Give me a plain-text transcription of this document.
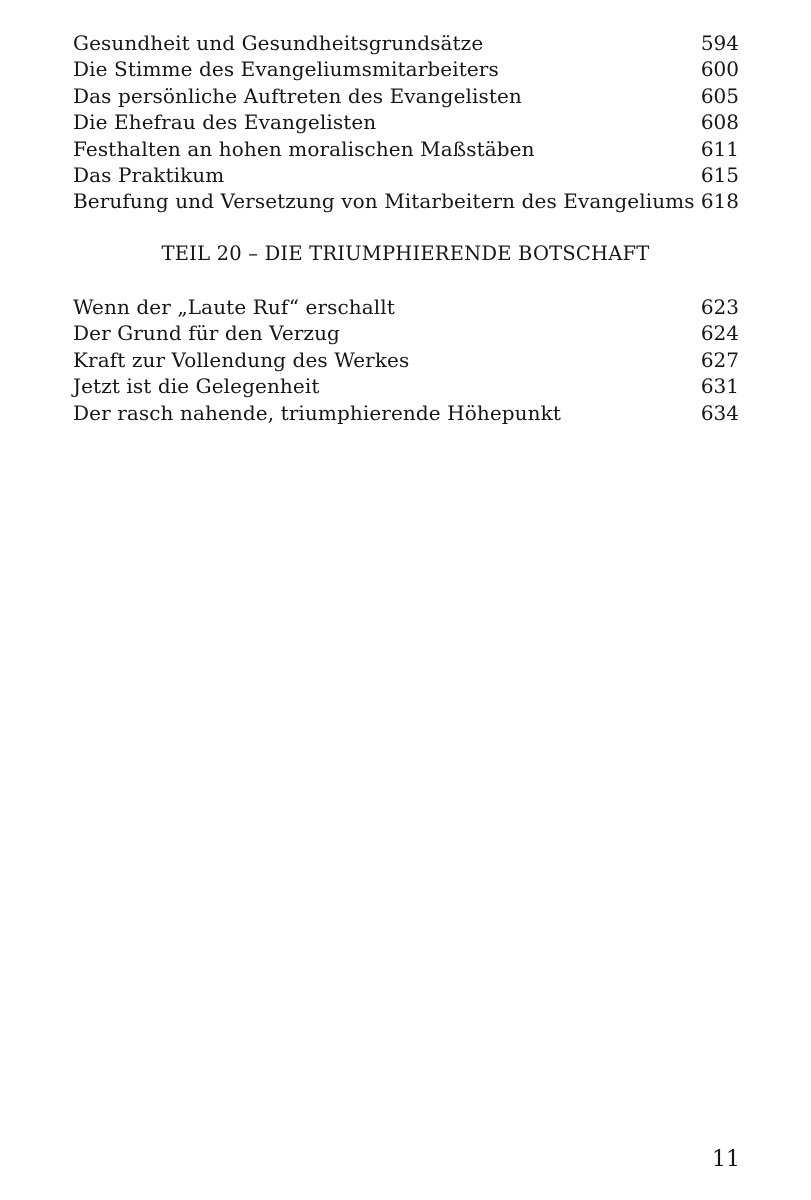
Gesundheit und Gesundheitsgrundsätze	594
Die Stimme des Evangeliumsmitarbeiters	600
Das persönliche Auftreten des Evangelisten	605
Die Ehefrau des Evangelisten	608
Festhalten an hohen moralischen Maßstäben	611
Das Praktikum	615
Berufung und Versetzung von Mitarbeitern des Evangeliums 618
TEIL 20 – DIE TRIUMPHIERENDE BOTSCHAFT
Wenn der „Laute Ruf“ erschallt	623
Der Grund für den Verzug	624
Kraft zur Vollendung des Werkes	627
Jetzt ist die Gelegenheit	631
Der rasch nahende, triumphierende Höhepunkt	634
11
